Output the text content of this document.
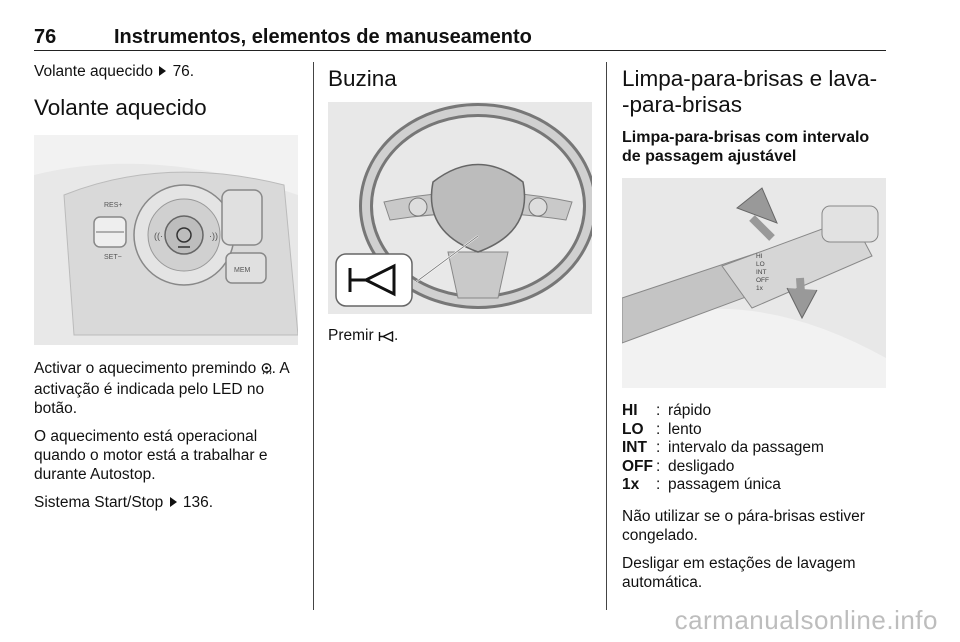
76	Instrumentos, elementos de manuseamento

Volante aquecido 76.

Volante aquecido
RES+
SET−
((·	·))
MEM

Activar o aquecimento premindo . A activação é indicada pelo LED no botão.

O aquecimento está operacional quando o motor está a trabalhar e durante Autostop.

Sistema Start/Stop 136.

Buzina

Premir .

Limpa-para-brisas e lava-
-para-brisas
Limpa-para-brisas com intervalo
de passagem ajustável
HI
LO
INT
OFF
1x
HI	: rápido
LO : lento
INT : intervalo da passagem
OFF : desligado
1x	: passagem única

Não utilizar se o pára-brisas estiver congelado.

Desligar em estações de lavagem automática.

carmanualsonline.info
